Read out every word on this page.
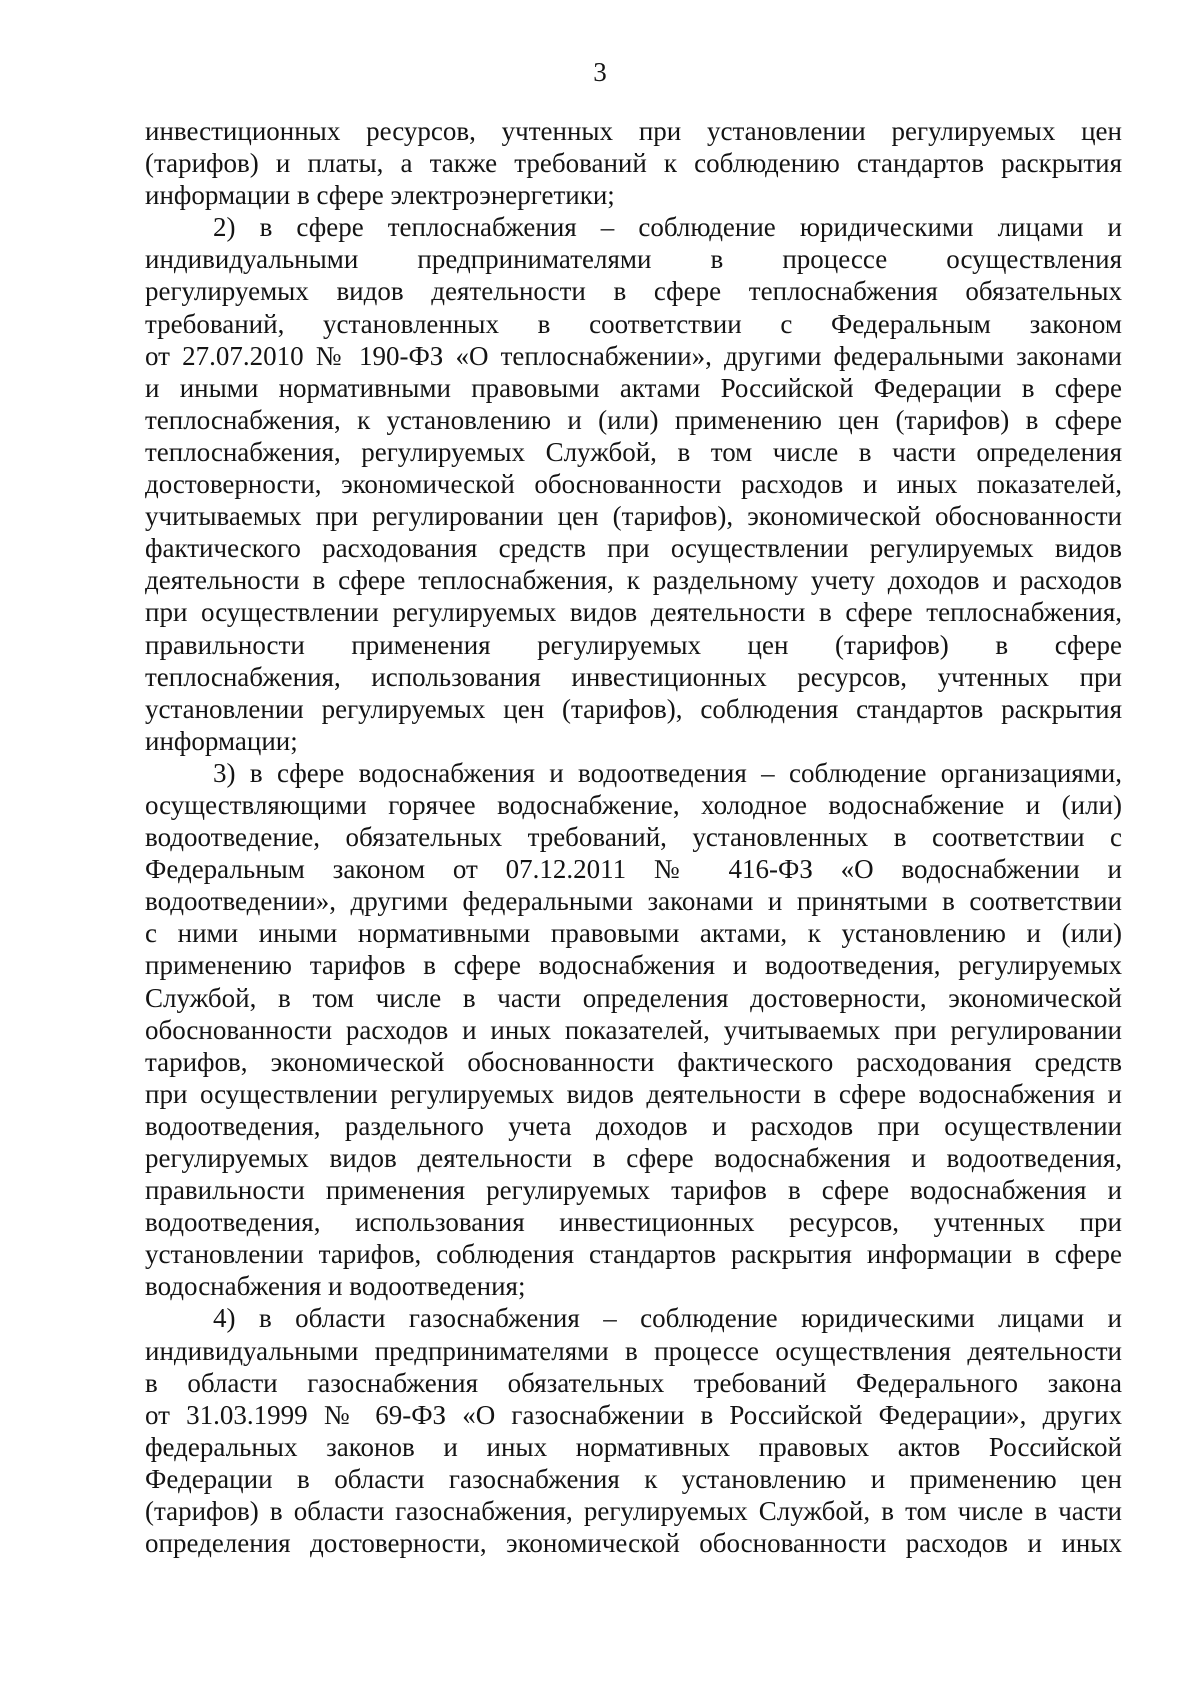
3
инвестиционных ресурсов, учтенных при установлении регулируемых цен
(тарифов) и платы, а также требований к соблюдению стандартов раскрытия
информации в сфере электроэнергетики;
2) в сфере теплоснабжения – соблюдение юридическими лицами и
индивидуальными предпринимателями в процессе осуществления
регулируемых видов деятельности в сфере теплоснабжения обязательных
требований, установленных в соответствии с Федеральным законом
от 27.07.2010 № 190-ФЗ «О теплоснабжении», другими федеральными законами
и иными нормативными правовыми актами Российской Федерации в сфере
теплоснабжения, к установлению и (или) применению цен (тарифов) в сфере
теплоснабжения, регулируемых Службой, в том числе в части определения
достоверности, экономической обоснованности расходов и иных показателей,
учитываемых при регулировании цен (тарифов), экономической обоснованности
фактического расходования средств при осуществлении регулируемых видов
деятельности в сфере теплоснабжения, к раздельному учету доходов и расходов
при осуществлении регулируемых видов деятельности в сфере теплоснабжения,
правильности применения регулируемых цен (тарифов) в сфере
теплоснабжения, использования инвестиционных ресурсов, учтенных при
установлении регулируемых цен (тарифов), соблюдения стандартов раскрытия
информации;
3) в сфере водоснабжения и водоотведения – соблюдение организациями,
осуществляющими горячее водоснабжение, холодное водоснабжение и (или)
водоотведение, обязательных требований, установленных в соответствии с
Федеральным законом от 07.12.2011 № 416-ФЗ «О водоснабжении и
водоотведении», другими федеральными законами и принятыми в соответствии
с ними иными нормативными правовыми актами, к установлению и (или)
применению тарифов в сфере водоснабжения и водоотведения, регулируемых
Службой, в том числе в части определения достоверности, экономической
обоснованности расходов и иных показателей, учитываемых при регулировании
тарифов, экономической обоснованности фактического расходования средств
при осуществлении регулируемых видов деятельности в сфере водоснабжения и
водоотведения, раздельного учета доходов и расходов при осуществлении
регулируемых видов деятельности в сфере водоснабжения и водоотведения,
правильности применения регулируемых тарифов в сфере водоснабжения и
водоотведения, использования инвестиционных ресурсов, учтенных при
установлении тарифов, соблюдения стандартов раскрытия информации в сфере
водоснабжения и водоотведения;
4) в области газоснабжения – соблюдение юридическими лицами и
индивидуальными предпринимателями в процессе осуществления деятельности
в области газоснабжения обязательных требований Федерального закона
от 31.03.1999 № 69-ФЗ «О газоснабжении в Российской Федерации», других
федеральных законов и иных нормативных правовых актов Российской
Федерации в области газоснабжения к установлению и применению цен
(тарифов) в области газоснабжения, регулируемых Службой, в том числе в части
определения достоверности, экономической обоснованности расходов и иных
